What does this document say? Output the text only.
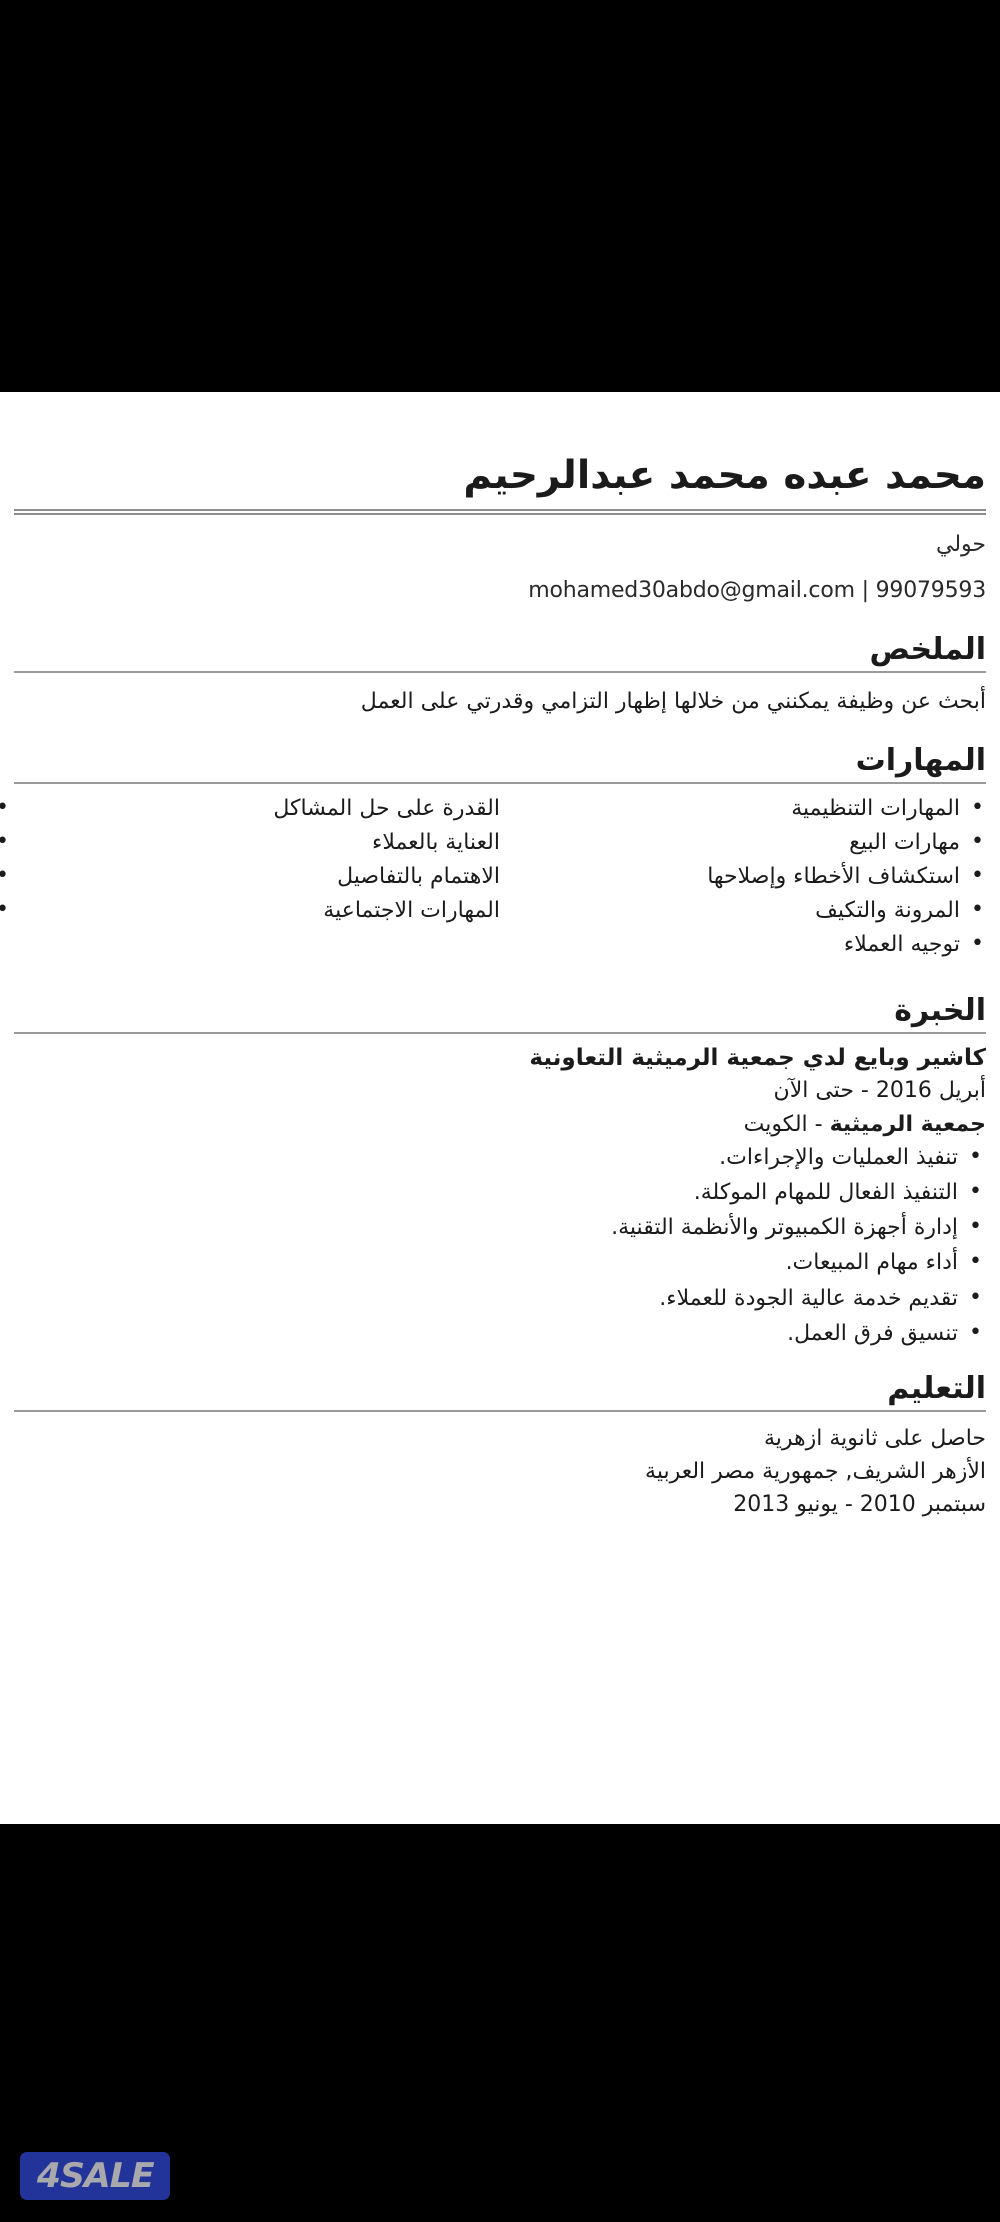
محمد عبده محمد عبدالرحيم
حولي
mohamed30abdo@gmail.com | 99079593
الملخص
أبحث عن وظيفة يمكنني من خلالها إظهار التزامي وقدرتي على العمل
المهارات
• المهارات التنظيمية
• مهارات البيع
• استكشاف الأخطاء وإصلاحها
• المرونة والتكيف
• توجيه العملاء
• القدرة على حل المشاكل
• العناية بالعملاء
• الاهتمام بالتفاصيل
• المهارات الاجتماعية
الخبرة
كاشير وبايع لدي جمعية الرميثية التعاونية
أبريل 2016 - حتى الآن
جمعية الرميثية - الكويت
• تنفيذ العمليات والإجراءات.
• التنفيذ الفعال للمهام الموكلة.
• إدارة أجهزة الكمبيوتر والأنظمة التقنية.
• أداء مهام المبيعات.
• تقديم خدمة عالية الجودة للعملاء.
• تنسيق فرق العمل.
التعليم
حاصل على ثانوية ازهرية
الأزهر الشريف, جمهورية مصر العربية
سبتمبر 2010 - يونيو 2013
4SALE
